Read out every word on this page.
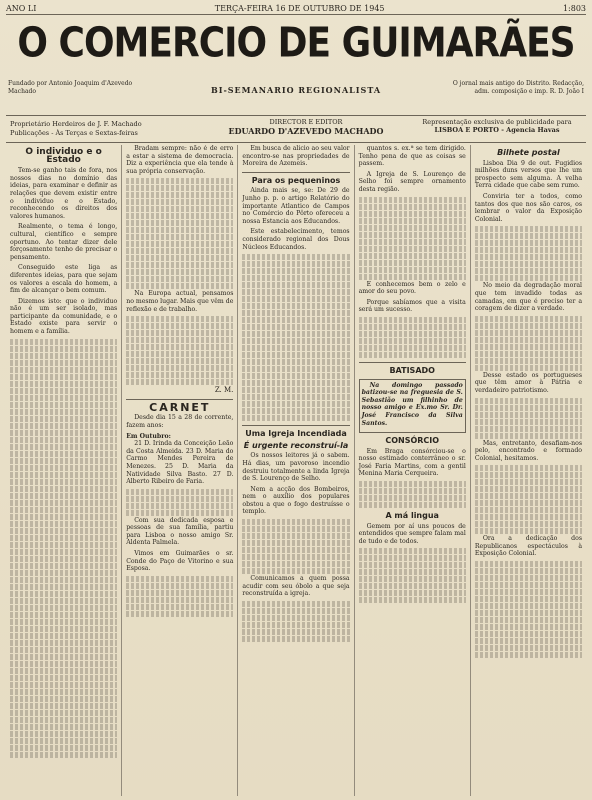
ANO LI	TERÇA-FEIRA 16 DE OUTUBRO DE 1945	1:803
O COMERCIO DE GUIMARÃES
Fundado por Antonio Joaquim d'Azevedo Machado	BI-SEMANARIO REGIONALISTA
O jornal mais antigo do Distrito. Redacção, adm. composição e imp. R. D. João I
Proprietário Herdeiros de J. F. Machado
Publicações - Às Terças e Sextas-feiras
DIRECTOR E EDITOR
EDUARDO D'AZEVEDO MACHADO
Representação exclusiva de publicidade para
LISBOA E PORTO - Agencia Havas
O individuo e o Estado

Tem-se ganho tais de fora, nos nossos dias no domínio das ideias, para examinar e definir as relações que devem existir entre o individuo e o Estado, reconhecendo os direitos dos valores humanos.

Realmente, o tema é longo, cultural, científico e sempre oportuno. Ao tentar dizer dele forçosamente tenho de precisar o pensamento.

Conseguido este liga as diferentes ideias, para que sejam os valores a escala do homem, a fim de alcançar o bem comum.

Dizemos isto: que o individuo não é um ser isolado, mas participante da comunidade, e o Estado existe para servir o homem e a família.

Bradam sempre: não é de erro a estar a sistema de democracia. Diz a experiência que ela tende à sua própria conservação.

Na Europa actual, pensamos no mesmo lugar. Mais que vêm de reflexão e de trabalho.

Z. M.
CARNET

Desde dia 15 a 28 de corrente, fazem anos:

Em Outubro:

21 D. Irinda da Conceição Leão da Costa Almeida. 23 D. Maria do Carmo Mendes Pereira de Menezes. 25 D. Maria da Natividade Silva Basto. 27 D. Alberto Ribeiro de Faria.

Com sua dedicada esposa e pessoas de sua família, partiu para Lisboa o nosso amigo Sr. Aldenta Palmela.

Vimos em Guimarães o sr. Conde do Paço de Vitorino e sua Esposa.

Em busca de alicio ao seu valor encontro-se nas propriedades de Moreira de Azemeis.

Para os pequeninos

Ainda mais se, se: De 29 de Junho p. p. o artigo Relatório do importante Atlantico de Campos no Comércio do Pôrto ofereceu a nossa Estancia aos Educandos.

Este estabelecimento, temos considerado regional dos Dous Núcleos Educandos.

Uma Igreja Incendiada
É urgente reconstruí-la

Os nossos leitores já o sabem. Há dias, um pavoroso incendio destruiu totalmente a linda Igreja de S. Lourenço de Selho.

Nem a acção dos Bombeiros, nem o auxílio dos populares obstou a que o fogo destruísse o templo.

Comunicamos a quem possa acudir com seu óbolo a que seja reconstruída a igreja.

quantos s. ex.ª se tem dirigido. Tenho pena de que as coisas se passem.

A Igreja de S. Lourenço de Selho foi sempre ornamento desta região.

E conhecemos bem o zelo e amor do seu povo.

Porque sabíamos que a visita será um sucesso.

BATISADO

Na domingo passado batizou-se na freguesia de S. Sebastião um filhinho de nosso amigo e Ex.mo Sr. Dr. José Francisco da Silva Santos.

CONSÓRCIO

Em Braga consórciou-se o nosso estimado conterrâneo o sr. José Faria Martins, com a gentil Menina Maria Cerqueira.

A má lingua

Gemem por aí uns poucos de entendidos que sempre falam mal de tudo e de todos.

Bilhete postal

Lisboa Dia 9 de out. Fugidios milhões duns versos que lhe um prospecto sem alguma. A velha Terra cidade que cabe sem rumo.

Conviria ter a todos, como tantos dos que nos são caros, os lembrar o valor da Exposição Colonial.

No meio da degradação moral que tem invadido todas as camadas, em que é preciso ter a coragem de dizer a verdade.

Desse estado os portugueses que têm amor à Pátria e verdadeiro patriotismo.

Mas, entretanto, desafiam-nos pelo, encontrado e formado Colonial, hesitamos.

Ora a dedicação dos Republicanos espectáculos à Exposição Colonial.
